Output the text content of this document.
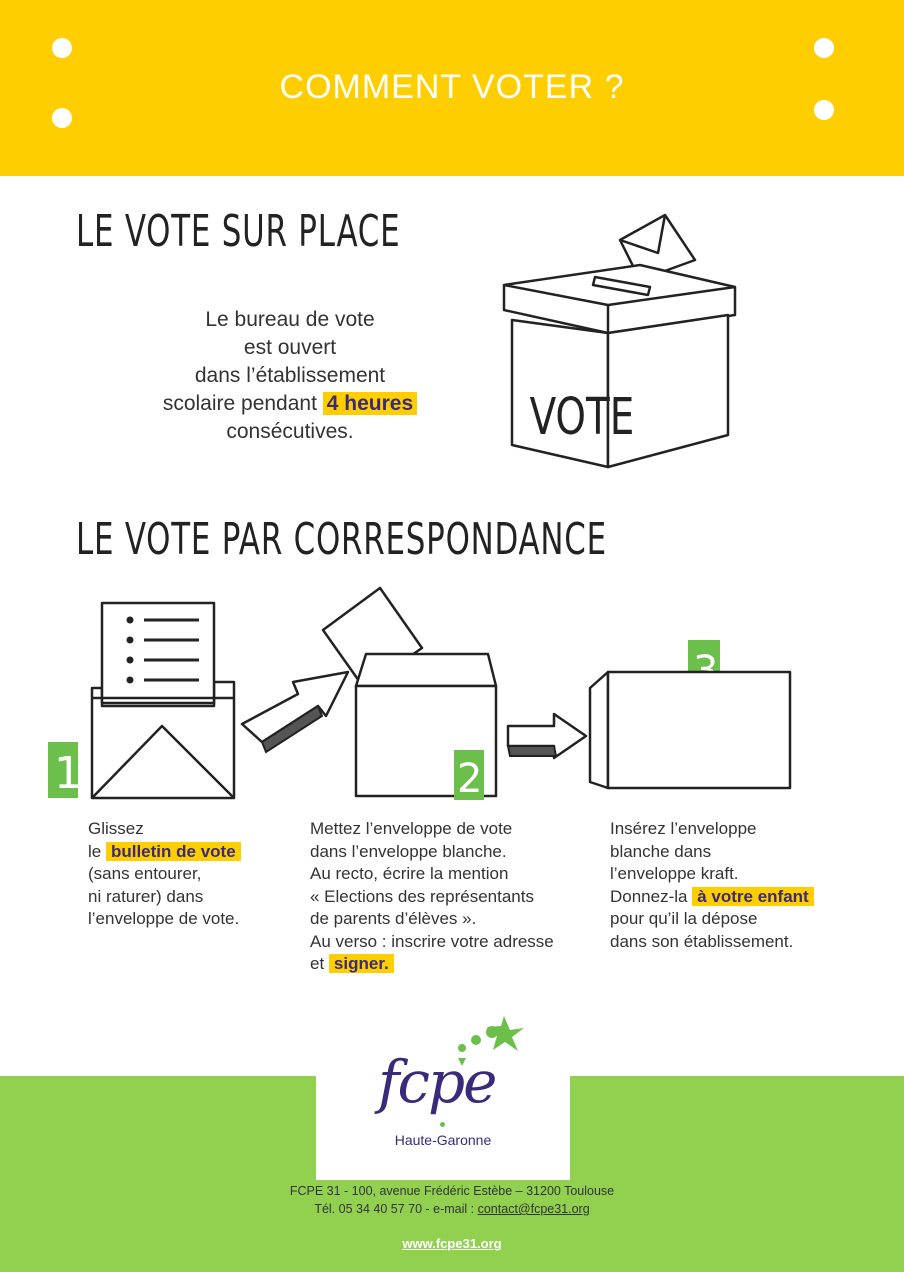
COMMENT VOTER ?
LE VOTE SUR PLACE
Le bureau de vote
est ouvert
dans l’établissement
scolaire pendant 4 heures
consécutives.	VOTE
LE VOTE PAR CORRESPONDANCE
1	2
Glissez
le bulletin de vote
(sans entourer,
ni raturer) dans
l’enveloppe de vote.
Mettez l’enveloppe de vote
dans l’enveloppe blanche.
Au recto, écrire la mention
« Elections des représentants
de parents d’élèves ».
Au verso : inscrire votre adresse
et signer.
Insérez l’enveloppe
blanche dans
l’enveloppe kraft.
Donnez-la à votre enfant
pour qu’il la dépose
dans son établissement.
fcpe
Haute-Garonne
FCPE 31 - 100, avenue Frédéric Estèbe – 31200 Toulouse
Tél. 05 34 40 57 70 - e-mail : contact@fcpe31.org
www.fcpe31.org
